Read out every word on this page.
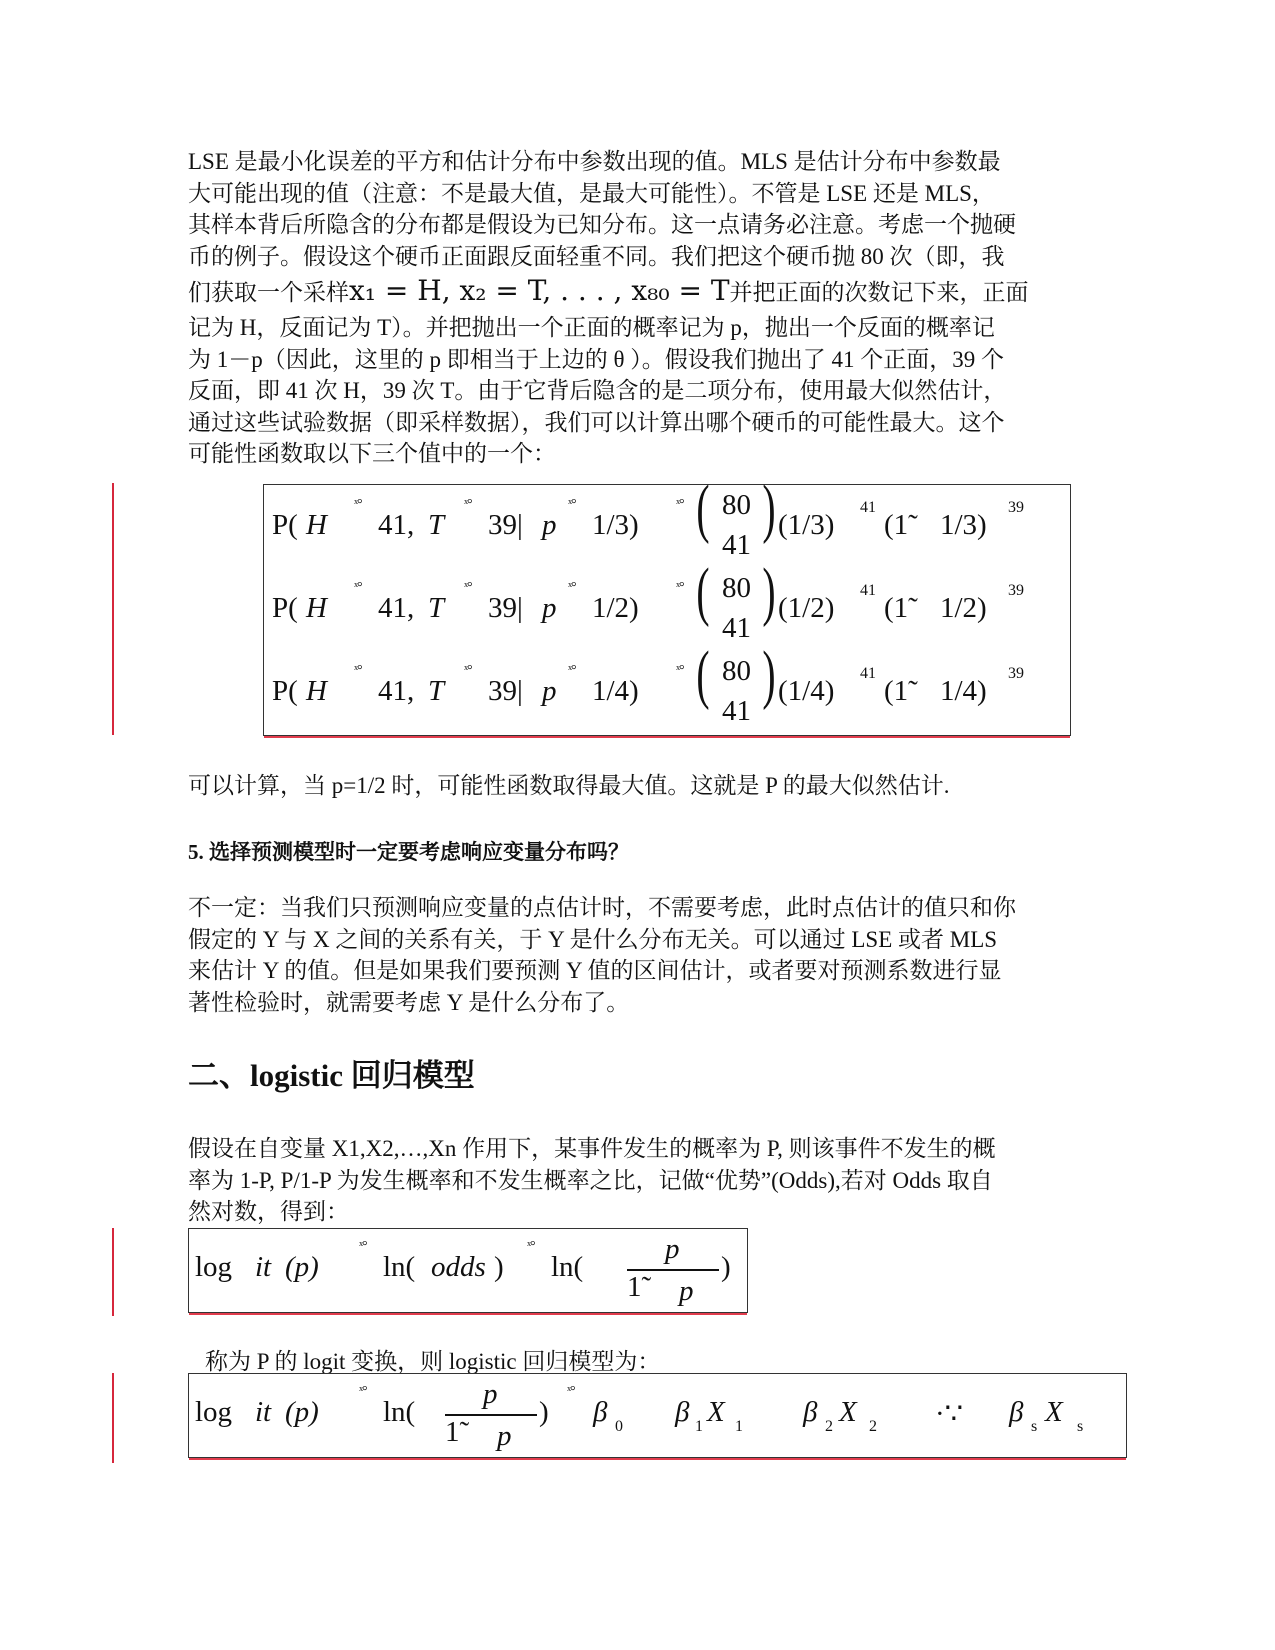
LSE 是最小化误差的平方和估计分布中参数出现的值。MLS 是估计分布中参数最
大可能出现的值（注意：不是最大值，是最大可能性）。不管是 LSE 还是 MLS，
其样本背后所隐含的分布都是假设为已知分布。这一点请务必注意。考虑一个抛硬
币的例子。假设这个硬币正面跟反面轻重不同。我们把这个硬币抛 80 次（即，我
们获取一个采样x₁ = H, x₂ = T, . . . , x₈₀ = T并把正面的次数记下来，正面
记为 H，反面记为 T）。并把抛出一个正面的概率记为 p，抛出一个反面的概率记
为 1－p（因此，这里的 p 即相当于上边的 θ ）。假设我们抛出了 41 个正面，39 个
反面，即 41 次 H，39 次 T。由于它背后隐含的是二项分布，使用最大似然估计，
通过这些试验数据（即采样数据），我们可以计算出哪个硬币的可能性最大。这个
可能性函数取以下三个值中的一个：

P( H
ˣ°
41, T
ˣ°
39| p
ˣ°
1/3)
ˣ° ( 80
41 ) (1/3)
41
(1̃ 1/3)
39
P( H
ˣ°
41, T
ˣ°
39| p
ˣ°
1/2)
ˣ° ( 80
41 ) (1/2)
41
(1̃ 1/2)
39
P( H
ˣ°
41, T
ˣ°
39| p
ˣ°
1/4)
ˣ° ( 80
41 ) (1/4)
41
(1̃ 1/4)
39

可以计算，当 p=1/2 时，可能性函数取得最大值。这就是 P 的最大似然估计.

5. 选择预测模型时一定要考虑响应变量分布吗？

不一定：当我们只预测响应变量的点估计时，不需要考虑，此时点估计的值只和你
假定的 Y 与 X 之间的关系有关，于 Y 是什么分布无关。可以通过 LSE 或者 MLS
来估计 Y 的值。但是如果我们要预测 Y 值的区间估计，或者要对预测系数进行显
著性检验时，就需要考虑 Y 是什么分布了。

二、logistic 回归模型

假设在自变量 X1,X2,…,Xn 作用下，某事件发生的概率为 P, 则该事件不发生的概
率为 1-P, P/1-P 为发生概率和不发生概率之比，记做“优势”(Odds),若对 Odds 取自
然对数，得到：

log it (p)
ˣ°
ln( odds )
ˣ°
ln(
p
1̃ p
)

称为 P 的 logit 变换，则 logistic 回归模型为：

log it (p)
ˣ°
ln(
p
1̃ p
)
ˣ°
β 0 β 1 X 1 β 2 X 2 ·∵ β s X s
